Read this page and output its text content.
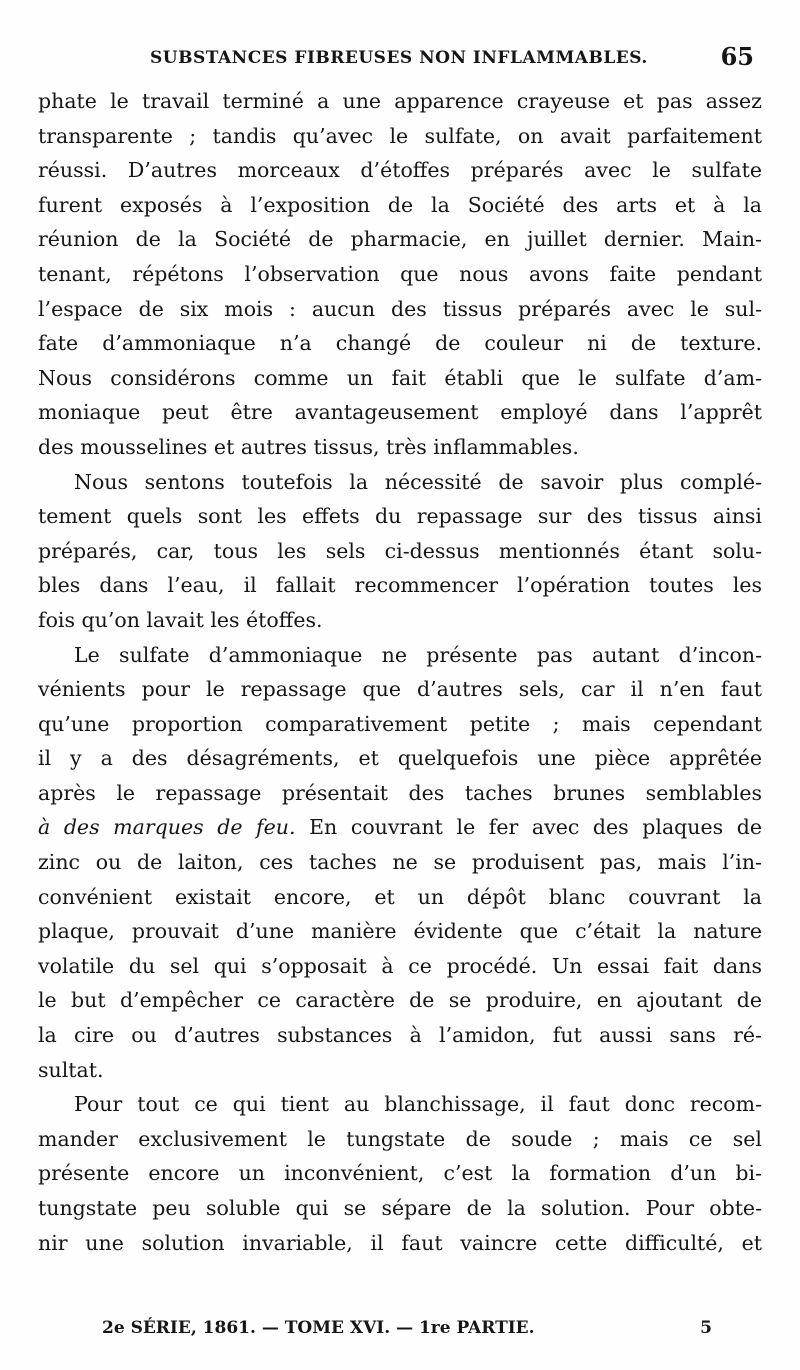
SUBSTANCES FIBREUSES NON INFLAMMABLES.	65
phate le travail terminé a une apparence crayeuse et pas assez
transparente ; tandis qu’avec le sulfate, on avait parfaitement
réussi. D’autres morceaux d’étoffes préparés avec le sulfate
furent exposés à l’exposition de la Société des arts et à la
réunion de la Société de pharmacie, en juillet dernier. Main-
tenant, répétons l’observation que nous avons faite pendant
l’espace de six mois : aucun des tissus préparés avec le sul-
fate d’ammoniaque n’a changé de couleur ni de texture.
Nous considérons comme un fait établi que le sulfate d’am-
moniaque peut être avantageusement employé dans l’apprêt
des mousselines et autres tissus, très inflammables.
Nous sentons toutefois la nécessité de savoir plus complé-
tement quels sont les effets du repassage sur des tissus ainsi
préparés, car, tous les sels ci-dessus mentionnés étant solu-
bles dans l’eau, il fallait recommencer l’opération toutes les
fois qu’on lavait les étoffes.
Le sulfate d’ammoniaque ne présente pas autant d’incon-
vénients pour le repassage que d’autres sels, car il n’en faut
qu’une proportion comparativement petite ; mais cependant
il y a des désagréments, et quelquefois une pièce apprêtée
après le repassage présentait des taches brunes semblables
à des marques de feu. En couvrant le fer avec des plaques de
zinc ou de laiton, ces taches ne se produisent pas, mais l’in-
convénient existait encore, et un dépôt blanc couvrant la
plaque, prouvait d’une manière évidente que c’était la nature
volatile du sel qui s’opposait à ce procédé. Un essai fait dans
le but d’empêcher ce caractère de se produire, en ajoutant de
la cire ou d’autres substances à l’amidon, fut aussi sans ré-
sultat.
Pour tout ce qui tient au blanchissage, il faut donc recom-
mander exclusivement le tungstate de soude ; mais ce sel
présente encore un inconvénient, c’est la formation d’un bi-
tungstate peu soluble qui se sépare de la solution. Pour obte-
nir une solution invariable, il faut vaincre cette difficulté, et
2e SÉRIE, 1861. — TOME XVI. — 1re PARTIE.	5
